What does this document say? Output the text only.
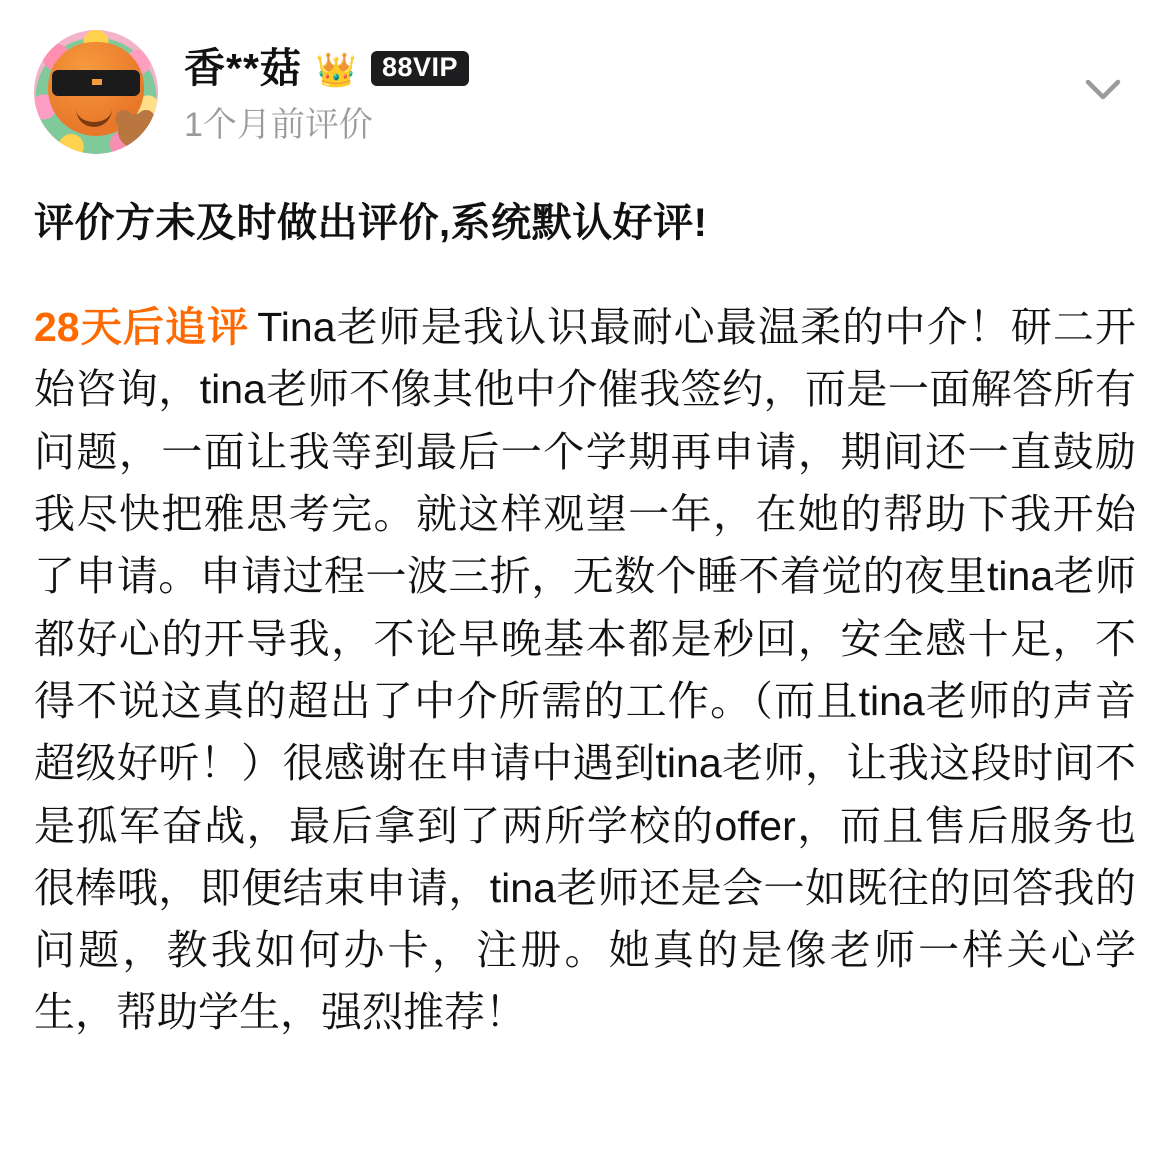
香**菇 👑 88VIP
1个月前评价
评价方未及时做出评价,系统默认好评!
28天后追评 Tina老师是我认识最耐心最温柔的中介！研二开始咨询，tina老师不像其他中介催我签约，而是一面解答所有问题，一面让我等到最后一个学期再申请，期间还一直鼓励我尽快把雅思考完。就这样观望一年，在她的帮助下我开始了申请。申请过程一波三折，无数个睡不着觉的夜里tina老师都好心的开导我，不论早晚基本都是秒回，安全感十足，不得不说这真的超出了中介所需的工作。（而且tina老师的声音超级好听！）很感谢在申请中遇到tina老师，让我这段时间不是孤军奋战，最后拿到了两所学校的offer，而且售后服务也很棒哦，即便结束申请，tina老师还是会一如既往的回答我的问题，教我如何办卡，注册。她真的是像老师一样关心学生，帮助学生，强烈推荐！
